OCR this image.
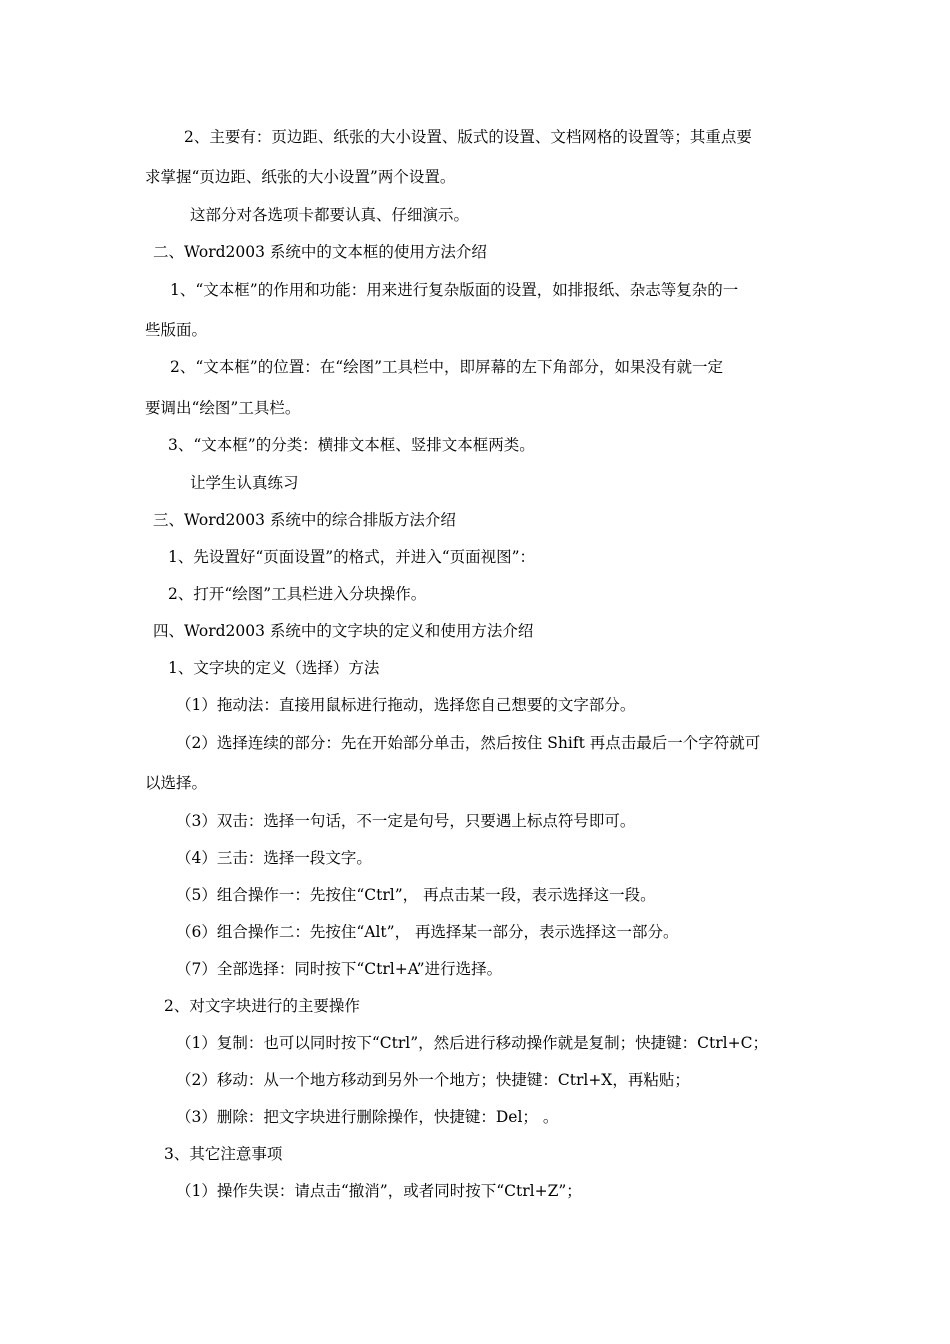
2、主要有：页边距、纸张的大小设置、版式的设置、文档网格的设置等；其重点要
求掌握“页边距、纸张的大小设置”两个设置。
这部分对各选项卡都要认真、仔细演示。
二、Word2003 系统中的文本框的使用方法介绍
1、“文本框”的作用和功能：用来进行复杂版面的设置，如排报纸、杂志等复杂的一
些版面。
2、“文本框”的位置：在“绘图”工具栏中，即屏幕的左下角部分，如果没有就一定
要调出“绘图”工具栏。
3、“文本框”的分类：横排文本框、竖排文本框两类。
让学生认真练习
三、Word2003 系统中的综合排版方法介绍
1、先设置好“页面设置”的格式，并进入“页面视图”：
2、打开“绘图”工具栏进入分块操作。
四、Word2003 系统中的文字块的定义和使用方法介绍
1、文字块的定义（选择）方法
（1）拖动法：直接用鼠标进行拖动，选择您自己想要的文字部分。
（2）选择连续的部分：先在开始部分单击，然后按住 Shift 再点击最后一个字符就可
以选择。
（3）双击：选择一句话，不一定是句号，只要遇上标点符号即可。
（4）三击：选择一段文字。
（5）组合操作一：先按住“Ctrl”， 再点击某一段，表示选择这一段。
（6）组合操作二：先按住“Alt”， 再选择某一部分，表示选择这一部分。
（7）全部选择：同时按下“Ctrl+A”进行选择。
2、对文字块进行的主要操作
（1）复制：也可以同时按下“Ctrl”，然后进行移动操作就是复制；快捷键：Ctrl+C；
（2）移动：从一个地方移动到另外一个地方；快捷键：Ctrl+X，再粘贴；
（3）删除：把文字块进行删除操作，快捷键：Del； 。
3、其它注意事项
（1）操作失误：请点击“撤消”，或者同时按下“Ctrl+Z”；
